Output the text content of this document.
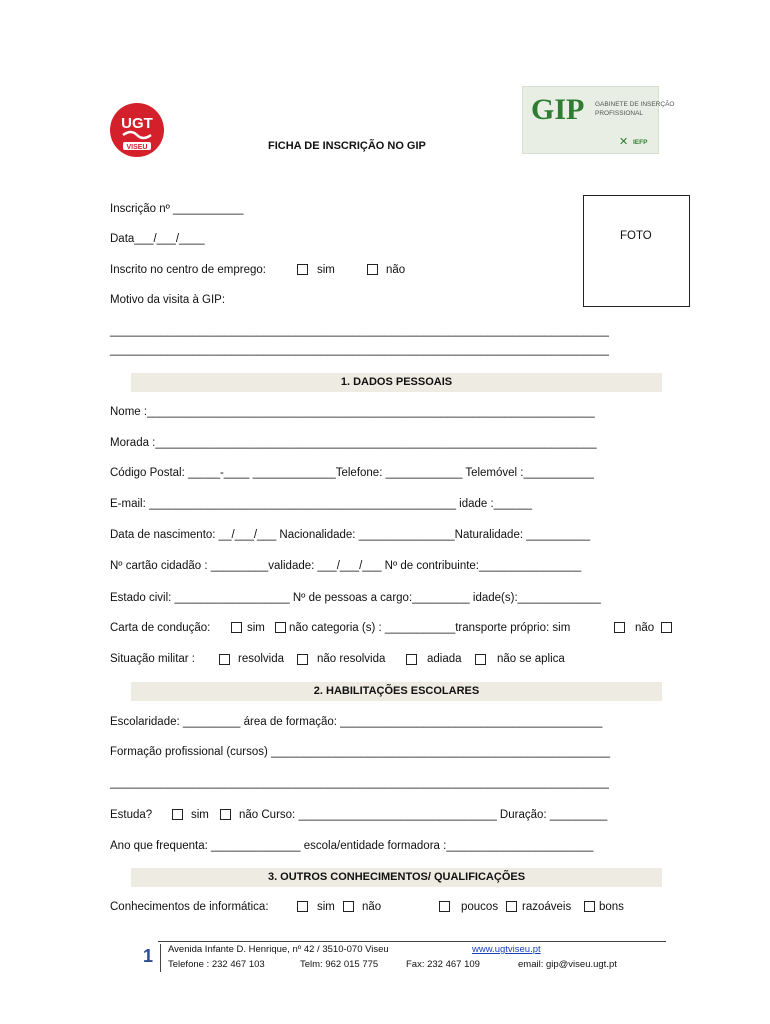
UGT
VISEU
GIP GABINETE DE INSERÇÃO
PROFISSIONAL
IEFP
✕
FICHA DE INSCRIÇÃO NO GIP
Inscrição nº ___________
Data___/___/____
Inscrito no centro de emprego:	sim	não
Motivo da visita à GIP:
______________________________________________________________________________
______________________________________________________________________________
FOTO
1. DADOS PESSOAIS
Nome :______________________________________________________________________
Morada :_____________________________________________________________________
Código Postal: _____-____ _____________Telefone: ____________ Telemóvel :___________
E-mail: ________________________________________________ idade :______
Data de nascimento: __/___/___ Nacionalidade: _______________Naturalidade: __________
Nº cartão cidadão : _________validade: ___/___/___ Nº de contribuinte:________________
Estado civil: __________________ Nº de pessoas a cargo:_________ idade(s):_____________
Carta de condução:	sim não categoria (s) : ___________transporte próprio: sim	não
Situação militar :	resolvida	não resolvida	adiada	não se aplica
2. HABILITAÇÕES ESCOLARES
Escolaridade: _________ área de formação: _________________________________________
Formação profissional (cursos) _____________________________________________________
______________________________________________________________________________
Estuda?	sim	não Curso: _______________________________ Duração: _________
Ano que frequenta: ______________ escola/entidade formadora :_______________________
3. OUTROS CONHECIMENTOS/ QUALIFICAÇÕES
Conhecimentos de informática:	sim não	poucos razoáveis bons
1 Avenida Infante D. Henrique, nº 42 / 3510-070 Viseu	www.ugtviseu.pt
Telefone : 232 467 103	Telm: 962 015 775	Fax: 232 467 109	email: gip@viseu.ugt.pt
